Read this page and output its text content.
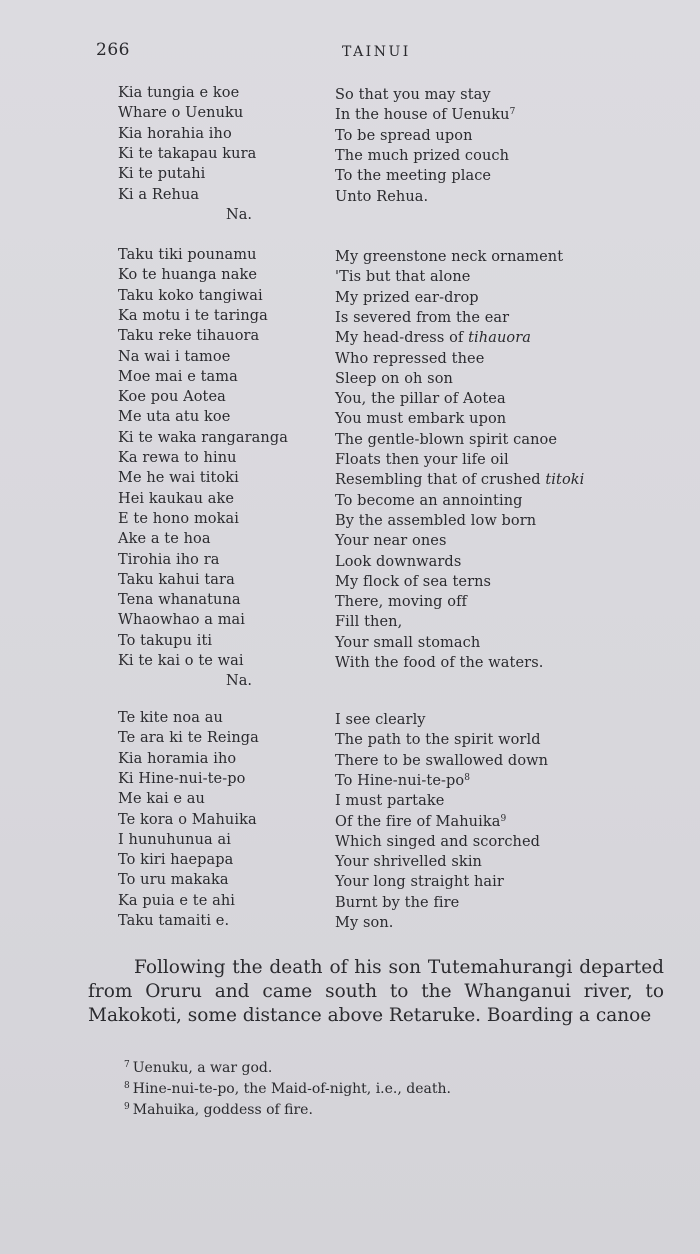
266	TAINUI
Kia tungia e koe	So that you may stay
Whare o Uenuku	In the house of Uenuku$^7$
Kia horahia iho	To be spread upon
Ki te takapau kura	The much prized couch
Ki te putahi	To the meeting place
Ki a Rehua	Unto Rehua.
Na.
Taku tiki pounamu	My greenstone neck ornament
Ko te huanga nake	'Tis but that alone
Taku koko tangiwai	My prized ear-drop
Ka motu i te taringa	Is severed from the ear
Taku reke tihauora	My head-dress of tihauora
Na wai i tamoe	Who repressed thee
Moe mai e tama	Sleep on oh son
Koe pou Aotea	You, the pillar of Aotea
Me uta atu koe	You must embark upon
Ki te waka rangaranga	The gentle-blown spirit canoe
Ka rewa to hinu	Floats then your life oil
Me he wai titoki	Resembling that of crushed titoki
Hei kaukau ake	To become an annointing
E te hono mokai	By the assembled low born
Ake a te hoa	Your near ones
Tirohia iho ra	Look downwards
Taku kahui tara	My flock of sea terns
Tena whanatuna	There, moving off
Whaowhao a mai	Fill then,
To takupu iti	Your small stomach
Ki te kai o te wai	With the food of the waters.
Na.
Te kite noa au	I see clearly
Te ara ki te Reinga	The path to the spirit world
Kia horamia iho	There to be swallowed down
Ki Hine-nui-te-po	To Hine-$nui-te-po^8$
Me kai e au	I must partake
Te kora o Mahuika	Of the fire of Mahuika$^9$
I hunuhunua ai	Which singed and scorched
To kiri haepapa	Your shrivelled skin
To uru makaka	Your long straight hair
Ka puia e te ahi	Burnt by the fire
Taku tamaiti e.	My son.

Following the death of his son Tutemahurangi departed from Oruru and came south to the Whanganui river, to Makokoti, some distance above Retaruke. Boarding a canoe

$^7$ Uenuku, a war god.
$^8$ Hine-nui-te-po, the Maid-of-night, i.e., death.
$^9$ Mahuika, goddess of fire.
